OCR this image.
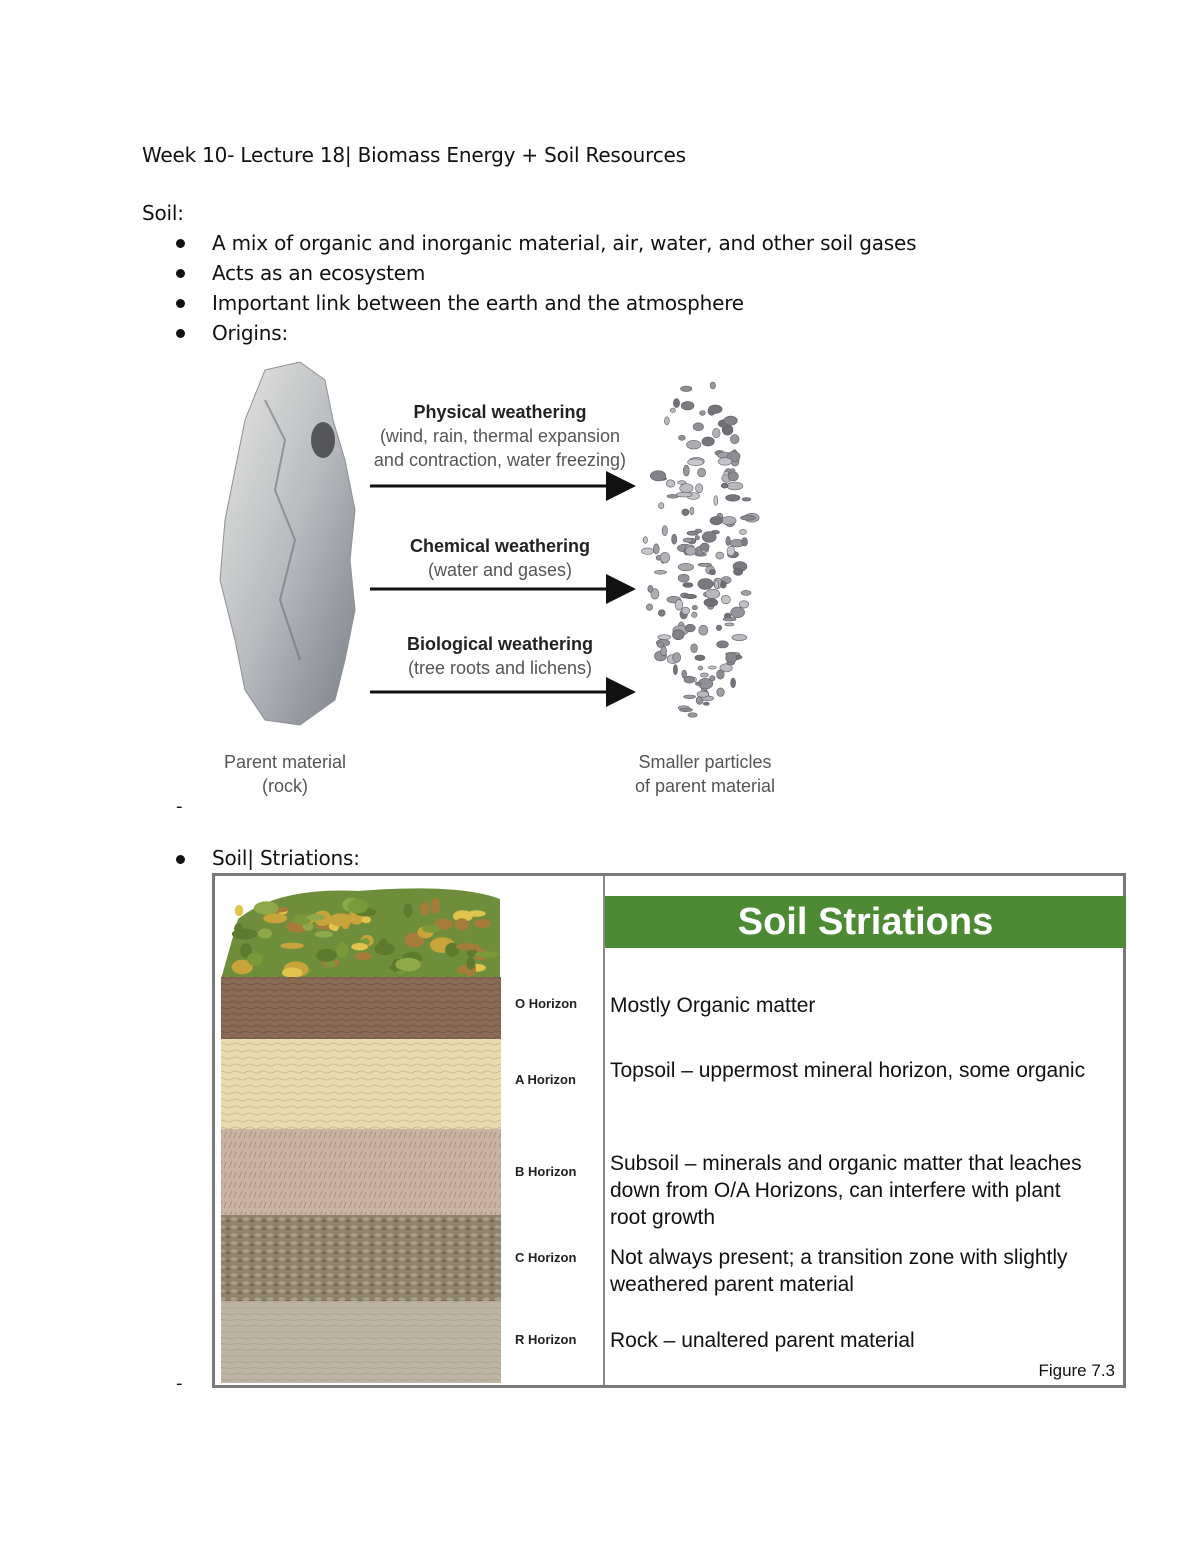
Week 10- Lecture 18| Biomass Energy + Soil Resources
Soil:
A mix of organic and inorganic material, air, water, and other soil gases
Acts as an ecosystem
Important link between the earth and the atmosphere
Origins:
Physical weathering
(wind, rain, thermal expansion
and contraction, water freezing)
Chemical weathering
(water and gases)
Biological weathering
(tree roots and lichens)
Parent material
(rock)
Smaller particles
of parent material
-
Soil| Striations:
Soil Striations
O Horizon Mostly Organic matter
A Horizon Topsoil – uppermost mineral horizon, some organic
B Horizon Subsoil – minerals and organic matter that leaches down from O/A Horizons, can interfere with plant root growth
C Horizon Not always present; a transition zone with slightly weathered parent material
R Horizon Rock – unaltered parent material
Figure 7.3
-
